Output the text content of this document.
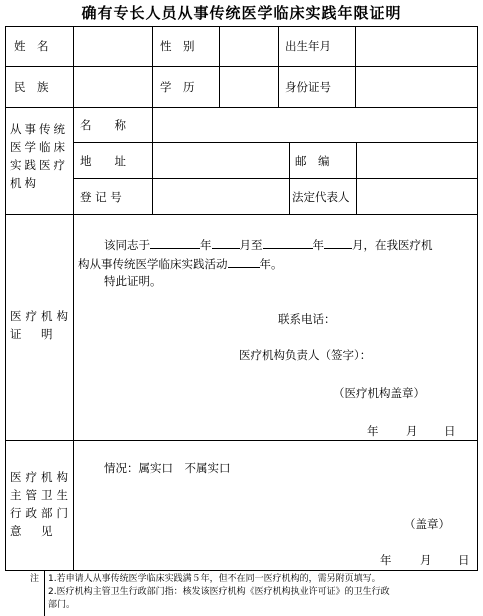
确有专长人员从事传统医学临床实践年限证明
姓　名	性　别	出生年月
民　族	学　历	身份证号
从事传统医学临床实践医疗机构
名　　称
地　　址	邮　编
登 记 号	法定代表人
医疗机构证　明
该同志于	年 月至	年 月，在我医疗机
构从事传统医学临床实践活动	年。
特此证明。
联系电话：
医疗机构负责人（签字）：
（医疗机构盖章）
年 月 日
医疗机构主管卫生行政部门意　见
情况：属实口　不属实口
（盖章）
年 月 日
注 1.若申请人从事传统医学临床实践满５年，但不在同一医疗机构的，需另附页填写。
2.医疗机构主管卫生行政部门指：核发该医疗机构《医疗机构执业许可证》的卫生行政
部门。
